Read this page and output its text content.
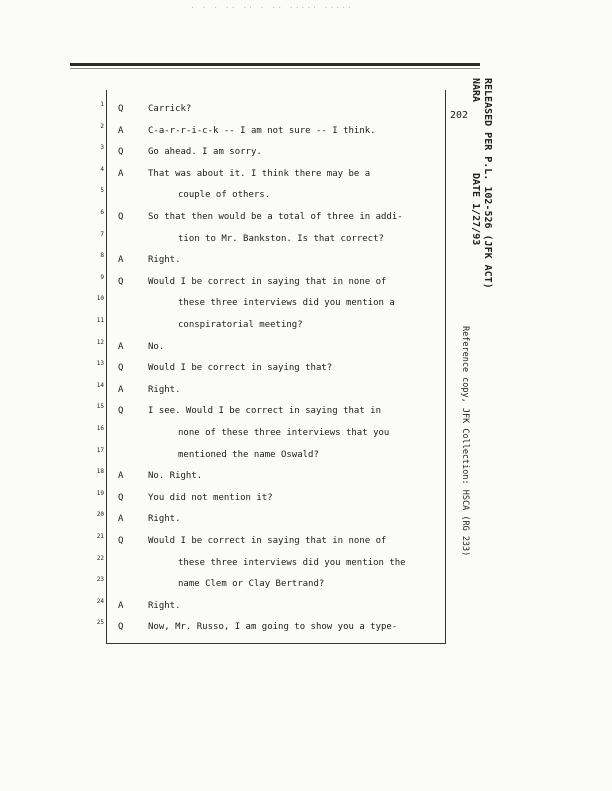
· · · ·· ·· · ·· ····· ·····
202
1 Q	Carrick?
2 A	C-a-r-r-i-c-k -- I am not sure -- I think.
3 Q	Go ahead. I am sorry.
4 A	That was about it. I think there may be a
5	couple of others.
6 Q	So that then would be a total of three in addi-
7	tion to Mr. Bankston. Is that correct?
8 A	Right.
9 Q	Would I be correct in saying that in none of
10	these three interviews did you mention a
11	conspiratorial meeting?
12 A	No.
13 Q	Would I be correct in saying that?
14 A	Right.
15 Q	I see. Would I be correct in saying that in
16	none of these three interviews that you
17	mentioned the name Oswald?
18 A	No. Right.
19 Q	You did not mention it?
20 A	Right.
21 Q	Would I be correct in saying that in none of
22	these three interviews did you mention the
23	name Clem or Clay Bertrand?
24 A	Right.
25 Q	Now, Mr. Russo, I am going to show you a type-
RELEASED PER P.L. 102-526 (JFK ACT)
NARA
DATE 1/27/93
Reference copy, JFK Collection: HSCA (RG 233)
